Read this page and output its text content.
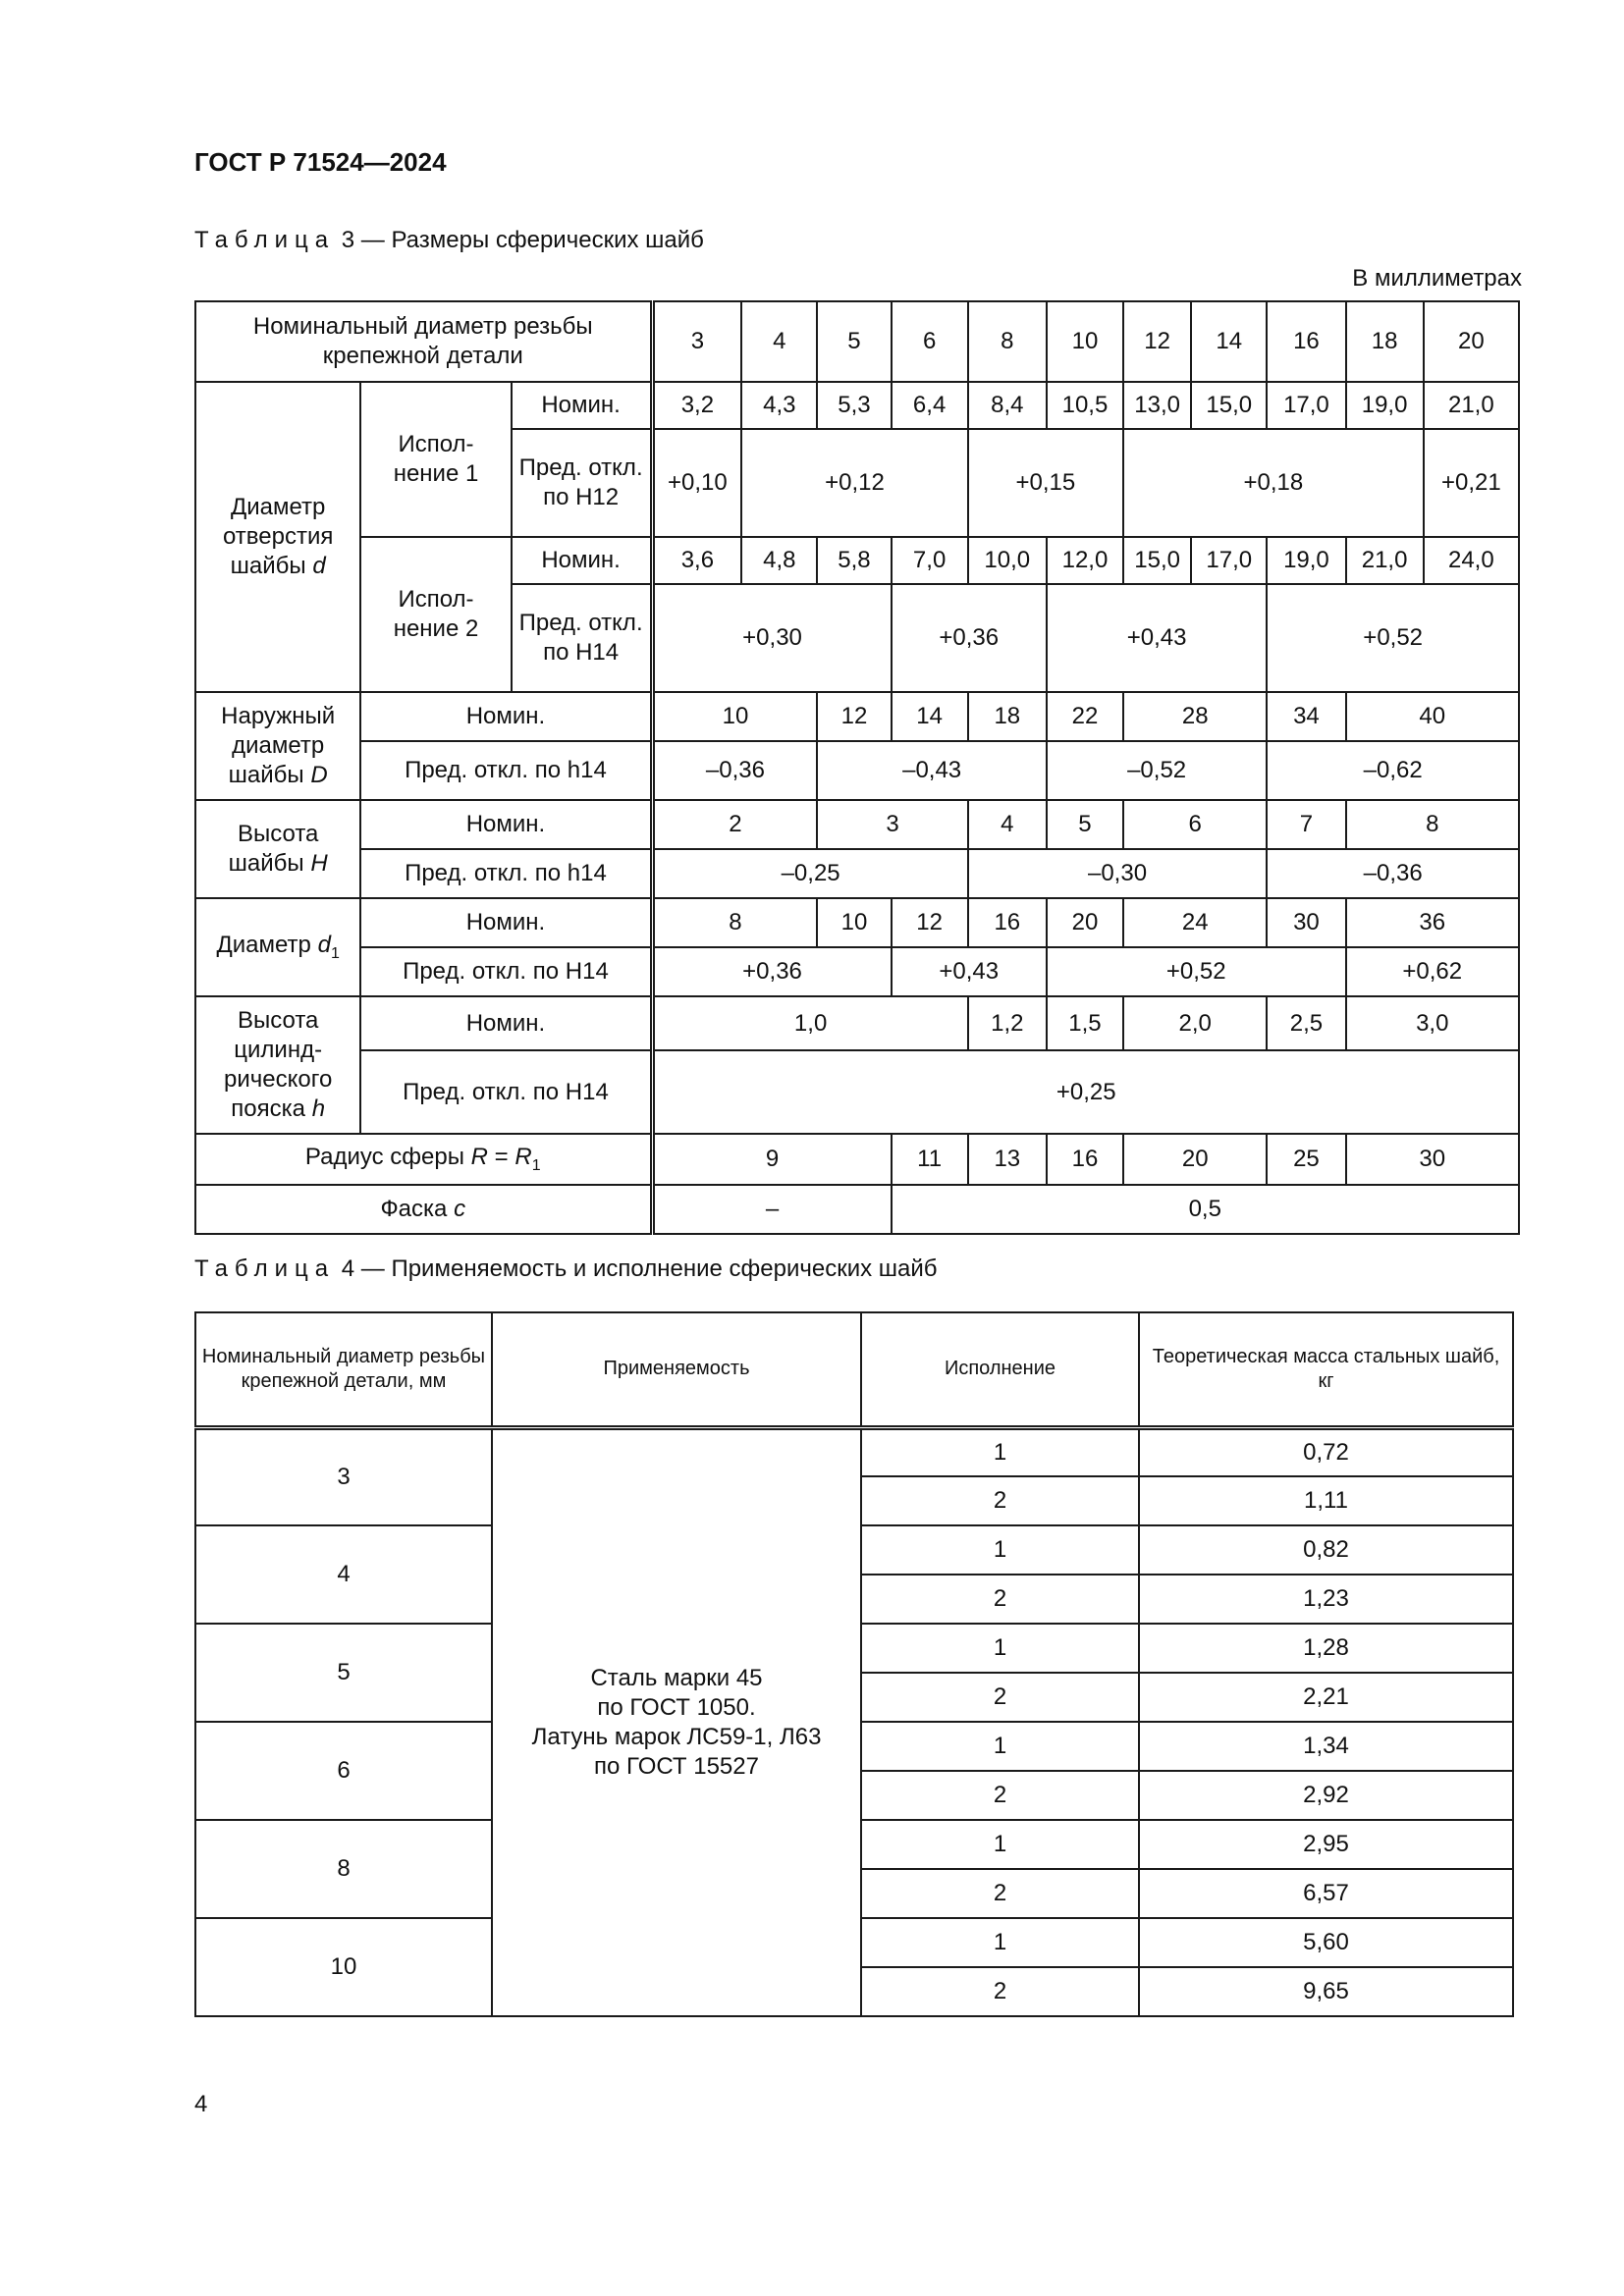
ГОСТ Р 71524—2024
Таблица 3 — Размеры сферических шайб
В миллиметрах
Номинальный диаметр резьбы крепежной детали			3	4	5	6	8	10	12	14	16	18	20
Диаметр отверстия шайбы d	Испол-нение 1	Номин.	3,2	4,3	5,3	6,4	8,4	10,5	13,0	15,0	17,0	19,0	21,0
		Пред. откл. по H12	+0,10	+0,12			+0,15		+0,18				+0,21
	Испол-нение 2	Номин.	3,6	4,8	5,8	7,0	10,0	12,0	15,0	17,0	19,0	21,0	24,0
		Пред. откл. по H14	+0,30			+0,36		+0,43			+0,52		
Наружный диаметр шайбы D	Номин.		10		12	14	18	22	28		34	40	
	Пред. откл. по h14		–0,36		–0,43			–0,52			–0,62		
Высота шайбы H	Номин.		2		3		4	5	6		7	8	
	Пред. откл. по h14		–0,25				–0,30				–0,36		
Диаметр $d_1$	Номин.		8		10	12	16	20	24		30	36	
	Пред. откл. по H14		+0,36			+0,43		+0,52				+0,62	
Высота цилинд-рического пояска h	Номин.		1,0				1,2	1,5	2,0		2,5	3,0	
	Пред. откл. по H14		+0,25										
Радиус сферы $R = R_1$			9			11	13	16	20		25	30	
Фаска c			–			0,5							
Таблица 4 — Применяемость и исполнение сферических шайб
Номинальный диаметр резьбы крепежной детали, мм	Применяемость	Исполнение	Теоретическая масса стальных шайб, кг
3	Сталь марки 45
по ГОСТ 1050.
Латунь марок ЛС59-1, Л63
по ГОСТ 15527	1	0,72
		2	1,11
4		1	0,82
		2	1,23
5		1	1,28
		2	2,21
6		1	1,34
		2	2,92
8		1	2,95
		2	6,57
10		1	5,60
		2	9,65
4
